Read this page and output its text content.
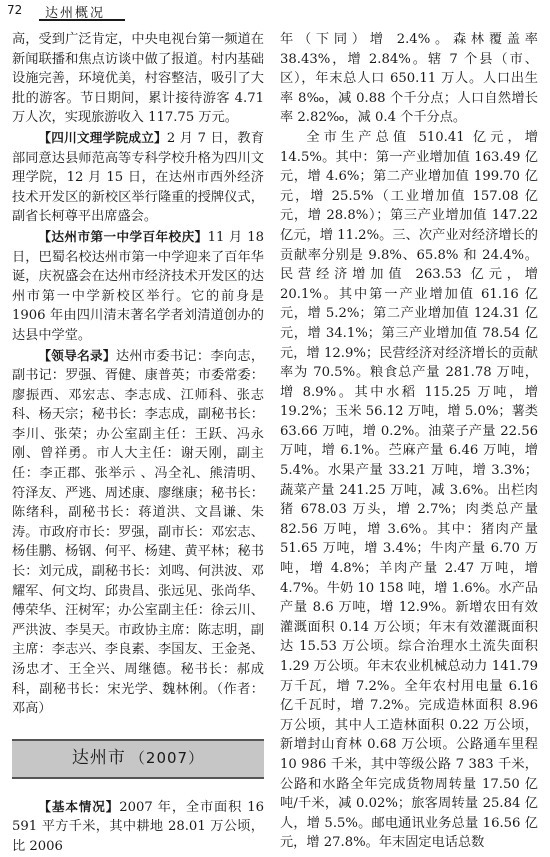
72 达州概况

高，受到广泛肯定，中央电视台第一频道在新闻联播和焦点访谈中做了报道。村内基础设施完善，环境优美，村容整洁，吸引了大批的游客。节日期间，累计接待游客 4.71 万人次，实现旅游收入 117.75 万元。

【四川文理学院成立】2 月 7 日，教育部同意达县师范高等专科学校升格为四川文理学院，12 月 15 日，在达州市西外经济技术开发区的新校区举行隆重的授牌仪式，副省长柯尊平出席盛会。

【达州市第一中学百年校庆】11 月 18 日，巴蜀名校达州市第一中学迎来了百年华诞，庆祝盛会在达州市经济技术开发区的达州市第一中学新校区举行。它的前身是 1906 年由四川清末著名学者刘清道创办的达县中学堂。

【领导名录】达州市委书记：李向志，副书记：罗强、胥健、康普英；市委常委：廖振西、邓宏志、李志成、江师科、张志科、杨天宗；秘书长：李志成，副秘书长：李川、张荣；办公室副主任：王跃、冯永刚、曾祥勇。市人大主任：谢天刚，副主任：李正郡、张举示 、冯全礼、熊清明、符泽友、严逃、周述康、廖继康；秘书长：陈绪科，副秘书长：蒋道洪、文昌谦、朱涛。市政府市长：罗强，副市长：邓宏志、杨佳鹏、杨钢、何平、杨建、黄平林；秘书长：刘元成，副秘书长：刘鸣、何洪波、邓耀军、何文均、邱贵昌、张远见、张尚华、傅荣华、汪树军；办公室副主任：徐云川、严洪波、李昊天。市政协主席：陈志明，副主席：李志兴、李良素、李国友、王金尧、汤忠才、王全兴、周继德。秘书长：郝成科，副秘书长：宋光学、魏林俐。（作者：邓高）

达州市 （2007）

【基本情况】2007 年，全市面积 16 591 平方千米，其中耕地 28.01 万公顷，比 2006

年（下同）增 2.4%。森林覆盖率 38.43%，增 2.84%。辖 7 个县（市、区），年末总人口 650.11 万人。人口出生率 8‰，减 0.88 个千分点；人口自然增长率 2.82‰，减 0.4 个千分点。

全市生产总值 510.41 亿元，增 14.5%。其中：第一产业增加值 163.49 亿元，增 4.6%；第二产业增加值 199.70 亿元，增 25.5%（工业增加值 157.08 亿元，增 28.8%）；第三产业增加值 147.22 亿元，增 11.2%。三、次产业对经济增长的贡献率分别是 9.8%、65.8% 和 24.4%。民营经济增加值 263.53 亿元，增 20.1%。其中第一产业增加值 61.16 亿元，增 5.2%；第二产业增加值 124.31 亿元，增 34.1%；第三产业增加值 78.54 亿元，增 12.9%；民营经济对经济增长的贡献率为 70.5%。粮食总产量 281.78 万吨，增 8.9%。其中水稻 115.25 万吨，增 19.2%；玉米 56.12 万吨，增 5.0%；薯类 63.66 万吨，增 0.2%。油菜子产量 22.56 万吨，增 6.1%。苎麻产量 6.46 万吨，增 5.4%。水果产量 33.21 万吨，增 3.3%；蔬菜产量 241.25 万吨，减 3.6%。出栏肉猪 678.03 万头，增 2.7%；肉类总产量 82.56 万吨，增 3.6%。其中：猪肉产量 51.65 万吨，增 3.4%；牛肉产量 6.70 万吨，增 4.8%；羊肉产量 2.47 万吨，增 4.7%。牛奶 10 158 吨，增 1.6%。水产品产量 8.6 万吨，增 12.9%。新增农田有效灌溉面积 0.14 万公顷；年末有效灌溉面积达 15.53 万公顷。综合治理水土流失面积 1.29 万公顷。年末农业机械总动力 141.79 万千瓦，增 7.2%。全年农村用电量 6.16 亿千瓦时，增 7.2%。完成造林面积 8.96 万公顷，其中人工造林面积 0.22 万公顷，新增封山育林 0.68 万公顷。公路通车里程 10 986 千米，其中等级公路 7 383 千米，公路和水路全年完成货物周转量 17.50 亿吨/千米，减 0.02%；旅客周转量 25.84 亿人，增 5.5%。邮电通讯业务总量 16.56 亿元，增 27.8%。年末固定电话总数
